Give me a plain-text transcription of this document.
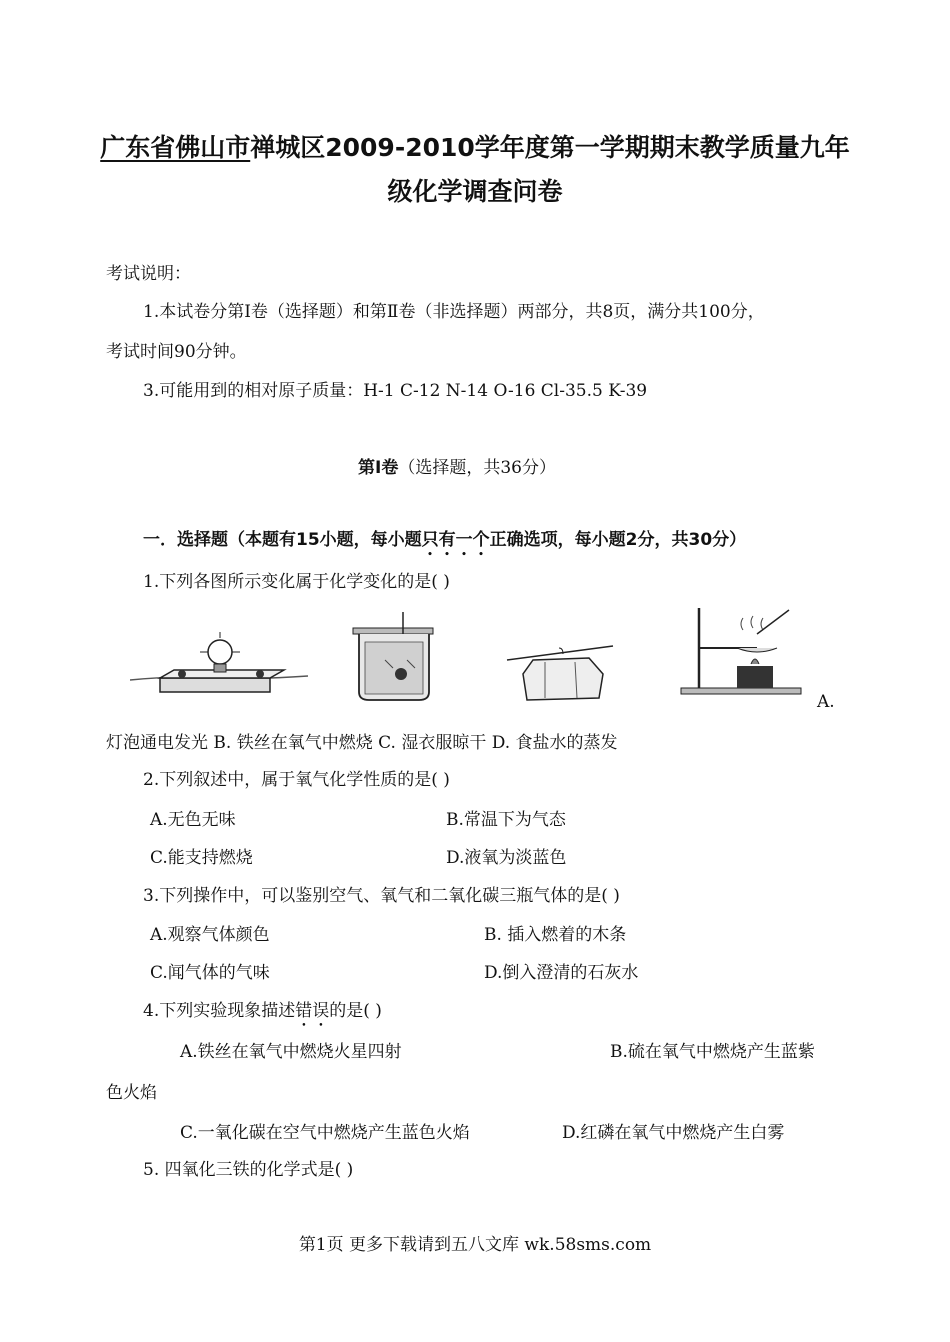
广东省佛山市禅城区2009-2010学年度第一学期期末教学质量九年
级化学调查问卷
考试说明：
1.本试卷分第Ⅰ卷（选择题）和第Ⅱ卷（非选择题）两部分，共8页，满分共100分，
考试时间90分钟。
3.可能用到的相对原子质量：H-1 C-12 N-14 O-16 Cl-35.5 K-39
第Ⅰ卷（选择题，共36分）
一．选择题（本题有15小题，每小题只有一个正确选项，每小题2分，共30分）
1.下列各图所示变化属于化学变化的是( )
A.
灯泡通电发光 B. 铁丝在氧气中燃烧 C. 湿衣服晾干 D. 食盐水的蒸发
2.下列叙述中，属于氧气化学性质的是( )
A.无色无味	B.常温下为气态
C.能支持燃烧	D.液氧为淡蓝色
3.下列操作中，可以鉴别空气、氧气和二氧化碳三瓶气体的是( )
A.观察气体颜色	B. 插入燃着的木条
C.闻气体的气味	D.倒入澄清的石灰水
4.下列实验现象描述错误的是( )
A.铁丝在氧气中燃烧火星四射	B.硫在氧气中燃烧产生蓝紫
色火焰
C.一氧化碳在空气中燃烧产生蓝色火焰	D.红磷在氧气中燃烧产生白雾
5. 四氧化三铁的化学式是( )
第1页 更多下载请到五八文库 wk.58sms.com
